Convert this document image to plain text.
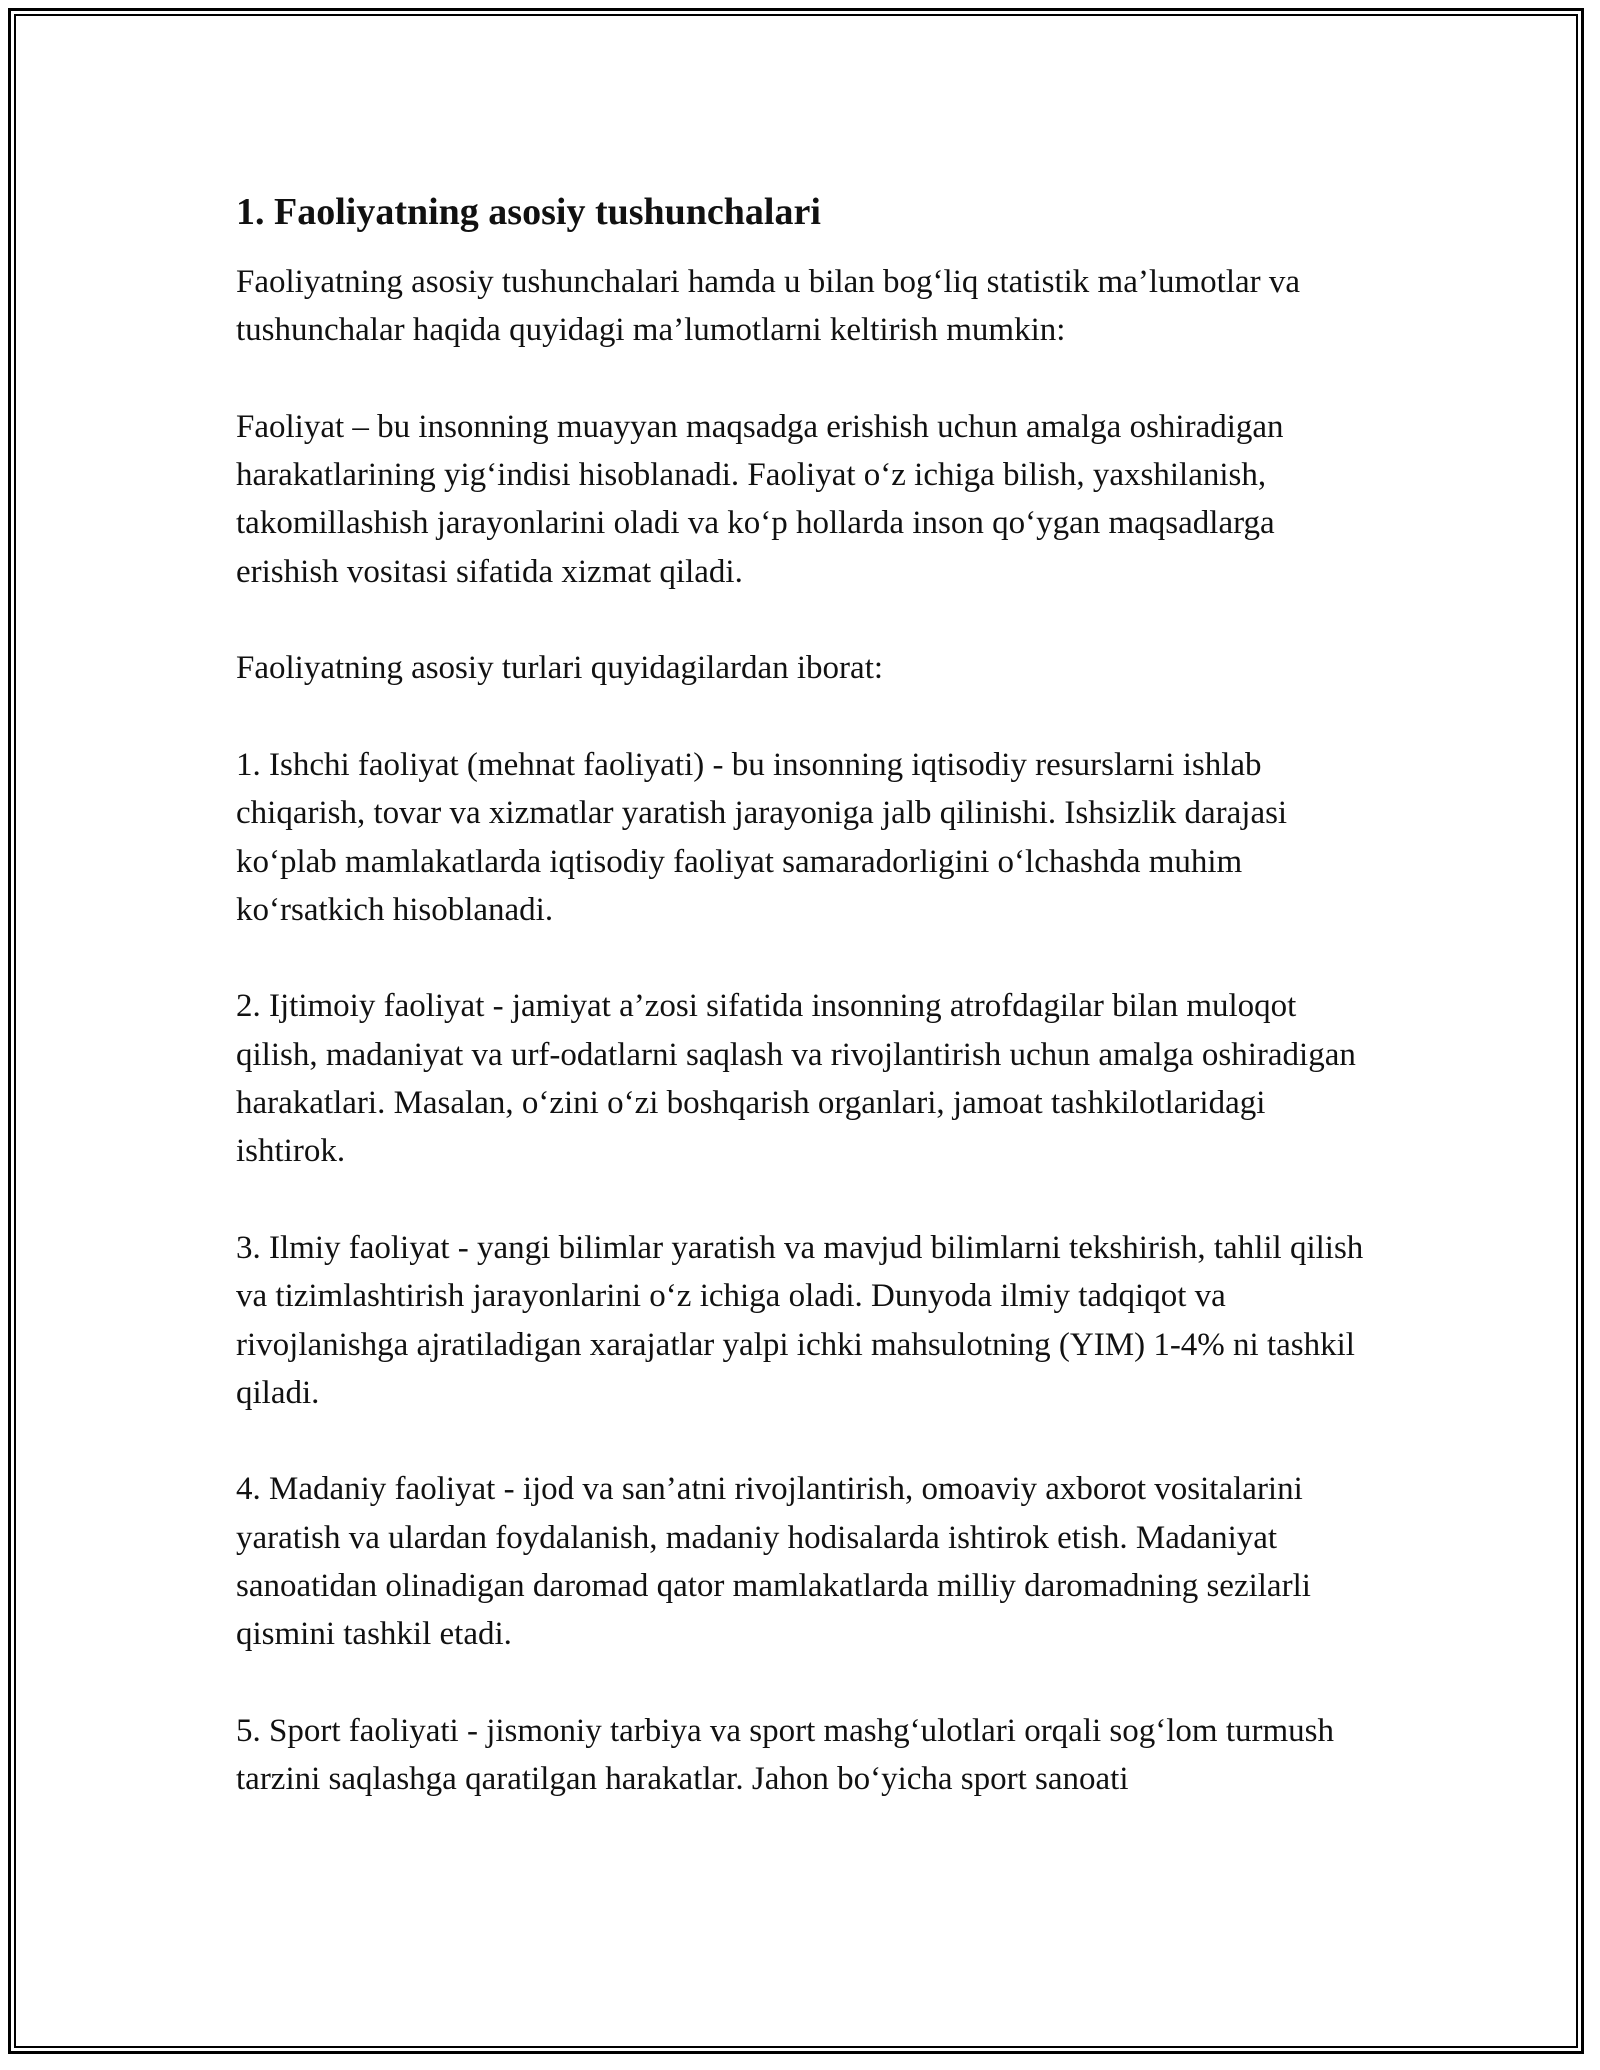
1. Faoliyatning asosiy tushunchalari

Faoliyatning asosiy tushunchalari hamda u bilan bog‘liq statistik ma’lumotlar va tushunchalar haqida quyidagi ma’lumotlarni keltirish mumkin:

Faoliyat – bu insonning muayyan maqsadga erishish uchun amalga oshiradigan harakatlarining yig‘indisi hisoblanadi. Faoliyat o‘z ichiga bilish, yaxshilanish, takomillashish jarayonlarini oladi va ko‘p hollarda inson qo‘ygan maqsadlarga erishish vositasi sifatida xizmat qiladi.

Faoliyatning asosiy turlari quyidagilardan iborat:

1. Ishchi faoliyat (mehnat faoliyati) - bu insonning iqtisodiy resurslarni ishlab chiqarish, tovar va xizmatlar yaratish jarayoniga jalb qilinishi. Ishsizlik darajasi ko‘plab mamlakatlarda iqtisodiy faoliyat samaradorligini o‘lchashda muhim ko‘rsatkich hisoblanadi.

2. Ijtimoiy faoliyat - jamiyat a’zosi sifatida insonning atrofdagilar bilan muloqot qilish, madaniyat va urf-odatlarni saqlash va rivojlantirish uchun amalga oshiradigan harakatlari. Masalan, o‘zini o‘zi boshqarish organlari, jamoat tashkilotlaridagi ishtirok.

3. Ilmiy faoliyat - yangi bilimlar yaratish va mavjud bilimlarni tekshirish, tahlil qilish va tizimlashtirish jarayonlarini o‘z ichiga oladi. Dunyoda ilmiy tadqiqot va rivojlanishga ajratiladigan xarajatlar yalpi ichki mahsulotning (YIM) 1-4% ni tashkil qiladi.

4. Madaniy faoliyat - ijod va san’atni rivojlantirish, omoaviy axborot vositalarini yaratish va ulardan foydalanish, madaniy hodisalarda ishtirok etish. Madaniyat sanoatidan olinadigan daromad qator mamlakatlarda milliy daromadning sezilarli qismini tashkil etadi.

5. Sport faoliyati - jismoniy tarbiya va sport mashg‘ulotlari orqali sog‘lom turmush tarzini saqlashga qaratilgan harakatlar. Jahon bo‘yicha sport sanoati
